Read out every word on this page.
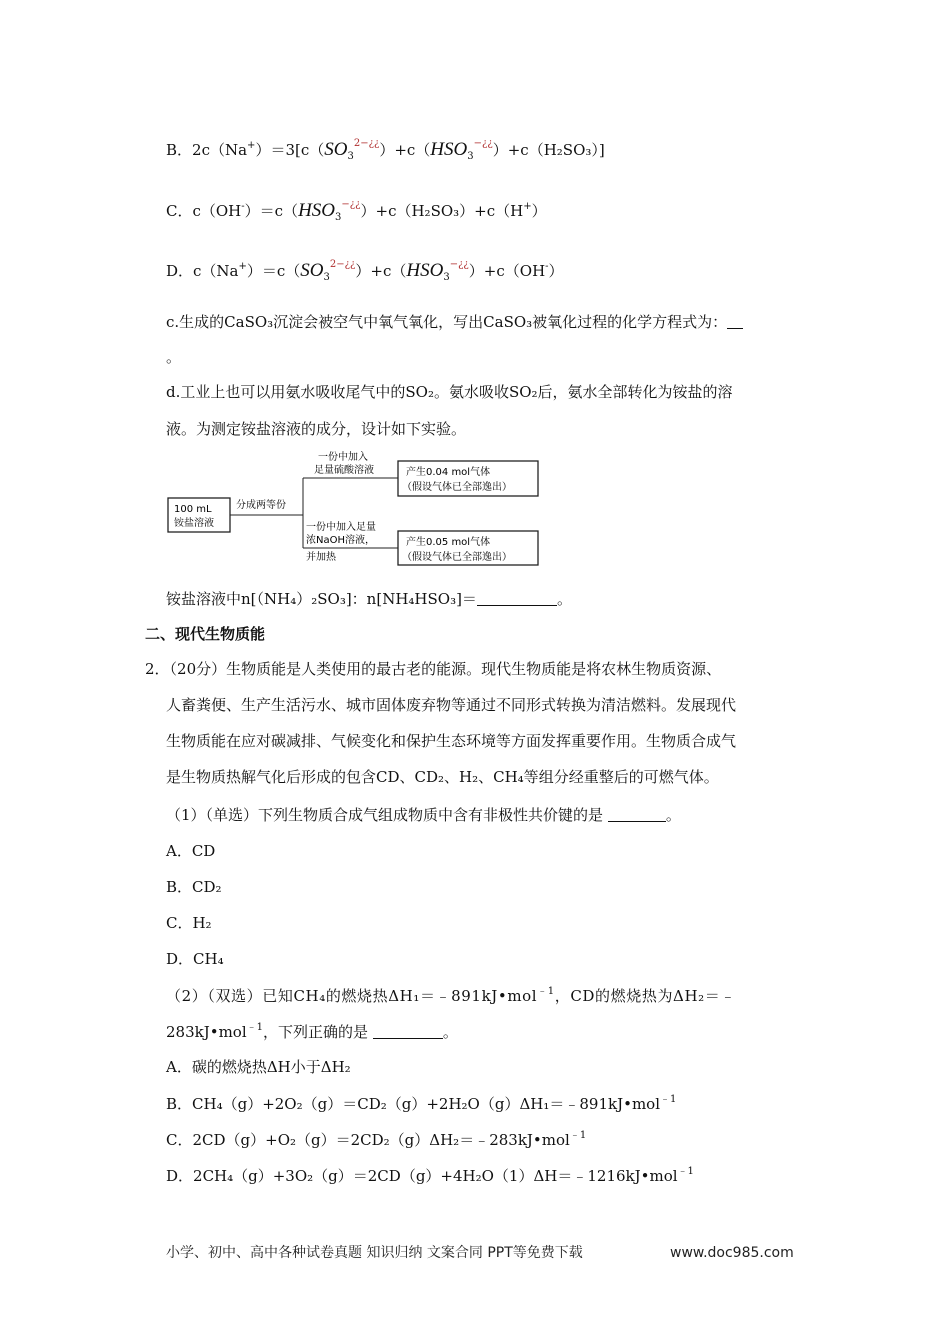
B．$2c(Na^+)=3[c(SO_3^{2-¿¿})+c(HSO_3^{-¿¿})+c(H_2SO_3)]$
C．$c(OH^-)=c(HSO_3^{-¿¿})+c(H_2SO_3)+c(H^+)$
D．$c(Na^+)=c(SO_3^{2-¿¿})+c(HSO_3^{-¿¿})+c(OH^-)$
c.生成的CaSO₃沉淀会被空气中氧气氧化，写出CaSO₃被氧化过程的化学方程式为：
。
d.工业上也可以用氨水吸收尾气中的SO₂。氨水吸收SO₂后，氨水全部转化为铵盐的溶
液。为测定铵盐溶液的成分，设计如下实验。
100 mL
铵盐溶液
分成两等份
一份中加入
足量硫酸溶液
一份中加入足量
浓NaOH溶液，
并加热
产生0.04 mol气体
（假设气体已全部逸出）
产生0.05 mol气体
（假设气体已全部逸出）
铵盐溶液中n[（NH₄）₂SO₃]：n[NH₄HSO₃]＝	。
二、现代生物质能
2．（20分）生物质能是人类使用的最古老的能源。现代生物质能是将农林生物质资源、
人畜粪便、生产生活污水、城市固体废弃物等通过不同形式转换为清洁燃料。发展现代
生物质能在应对碳减排、气候变化和保护生态环境等方面发挥重要作用。生物质合成气
是生物质热解气化后形成的包含CD、CD₂、H₂、CH₄等组分经重整后的可燃气体。
（1）（单选）下列生物质合成气组成物质中含有非极性共价键的是	。
A．CD
B．CD₂
C．H₂
D．CH₄
（2）（双选）已知CH₄的燃烧热ΔH₁＝﹣891kJ•mol$^{﹣1}$，CD的燃烧热为ΔH₂＝﹣
283kJ•mol$^{﹣1}$，下列正确的是	。
A．碳的燃烧热ΔH小于ΔH₂
B．CH₄（g）+2O₂（g）＝CD₂（g）+2H₂O（g）ΔH₁＝﹣891kJ•mol$^{﹣1}$
C．2CD（g）+O₂（g）＝2CD₂（g）ΔH₂＝﹣283kJ•mol$^{﹣1}$
D．2CH₄（g）+3O₂（g）＝2CD（g）+4H₂O（1）ΔH＝﹣1216kJ•mol$^{﹣1}$
小学、初中、高中各种试卷真题 知识归纳 文案合同 PPT等免费下载	www.doc985.com
